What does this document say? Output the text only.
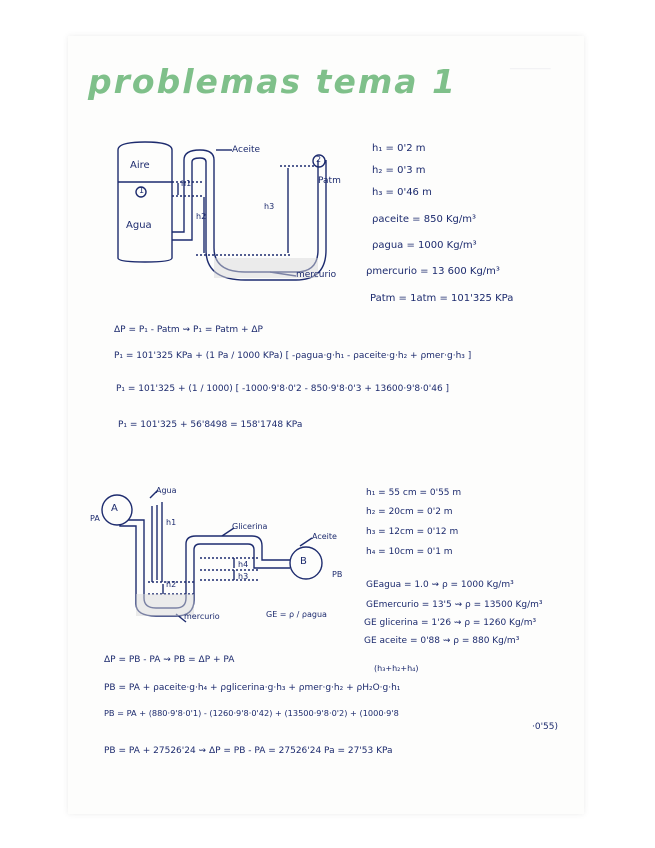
_________
problemas tema 1
Aire
Agua
1
Aceite
2
Patm
mercurio
h1
h2
h3
h₁ = 0'2 m
h₂ = 0'3 m
h₃ = 0'46 m
ρaceite = 850 Kg/m³
ρagua = 1000 Kg/m³
ρmercurio = 13 600 Kg/m³
Patm = 1atm = 101'325 KPa
ΔP = P₁ - Patm ⇝ P₁ = Patm + ΔP
P₁ = 101'325 KPa + (1 Pa / 1000 KPa) [ -ρagua·g·h₁ - ρaceite·g·h₂ + ρmer·g·h₃ ]
P₁ = 101'325 + (1 / 1000) [ -1000·9'8·0'2 - 850·9'8·0'3 + 13600·9'8·0'46 ]
P₁ = 101'325 + 56'8498 = 158'1748 KPa
A
B
PA
PB
Agua
Glicerina
Aceite
mercurio
h1
h2
h3
h4
GE = ρ / ρagua
h₁ = 55 cm = 0'55 m
h₂ = 20cm = 0'2 m
h₃ = 12cm = 0'12 m
h₄ = 10cm = 0'1 m
GEagua = 1.0 ⇝ ρ = 1000 Kg/m³
GEmercurio = 13'5 ⇝ ρ = 13500 Kg/m³
GE glicerina = 1'26 ⇝ ρ = 1260 Kg/m³
GE aceite = 0'88 ⇝ ρ = 880 Kg/m³
ΔP = PB - PA ⇝ PB = ΔP + PA
(h₃+h₂+h₄)
PB = PA + ρaceite·g·h₄ + ρglicerina·g·h₃ + ρmer·g·h₂ + ρH₂O·g·h₁
PB = PA + (880·9'8·0'1) - (1260·9'8·0'42) + (13500·9'8·0'2) + (1000·9'8
·0'55)
PB = PA + 27526'24 ⇝ ΔP = PB - PA = 27526'24 Pa = 27'53 KPa
